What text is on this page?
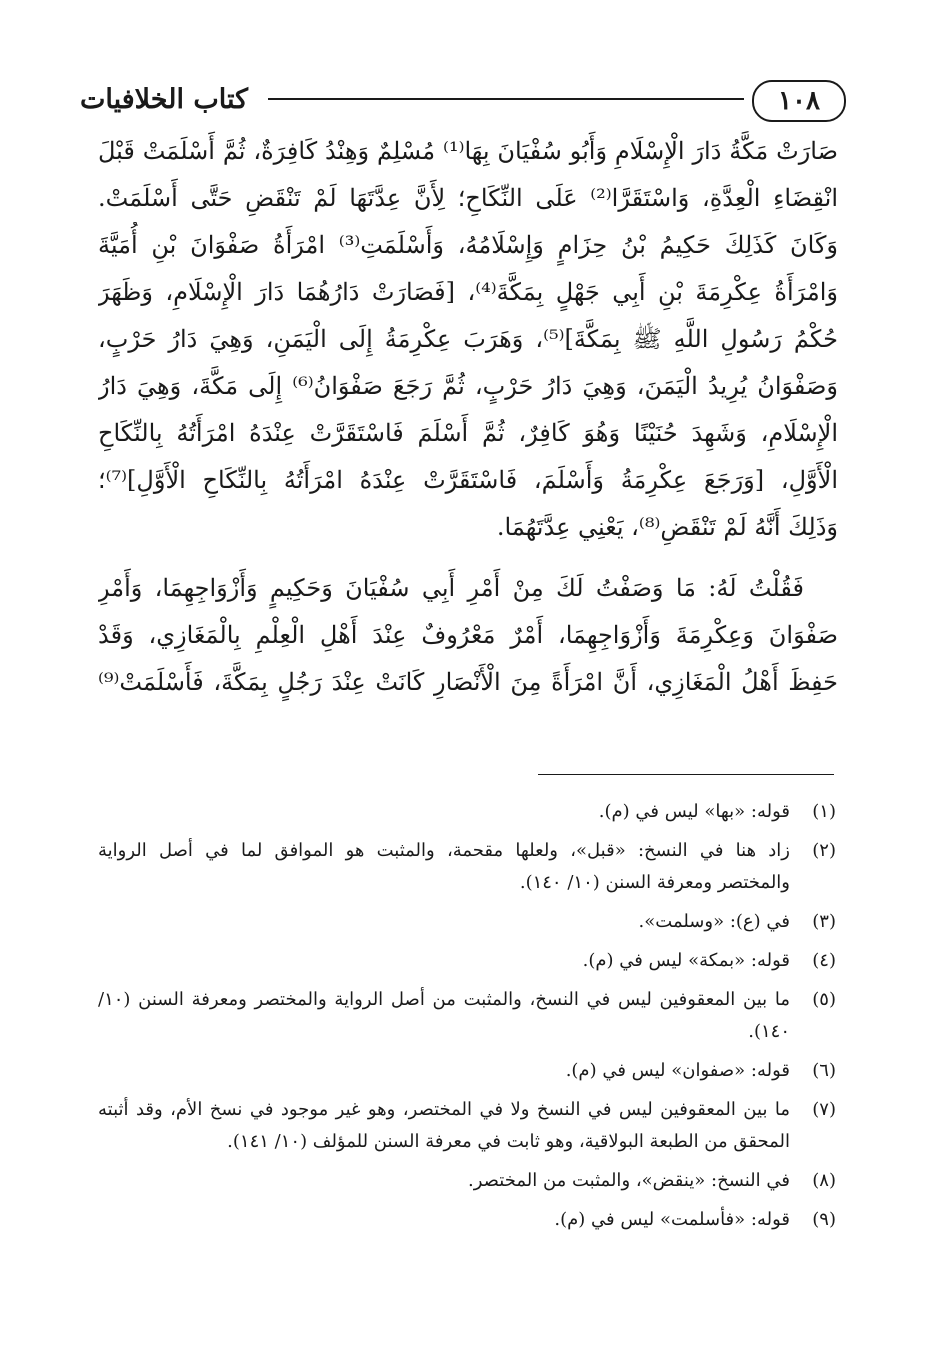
١٠٨
كتاب الخلافيات
صَارَتْ مَكَّةُ دَارَ الْإِسْلَامِ وَأَبُو سُفْيَانَ بِهَا⁽¹⁾ مُسْلِمٌ وَهِنْدُ كَافِرَةٌ، ثُمَّ أَسْلَمَتْ قَبْلَ
انْقِضَاءِ الْعِدَّةِ، وَاسْتَقَرَّا⁽²⁾ عَلَى النِّكَاحِ؛ لِأَنَّ عِدَّتَهَا لَمْ تَنْقَضِ حَتَّى أَسْلَمَتْ.
وَكَانَ كَذَلِكَ حَكِيمُ بْنُ حِزَامٍ وَإِسْلَامُهُ، وَأَسْلَمَتِ⁽³⁾ امْرَأَةُ صَفْوَانَ بْنِ أُمَيَّةَ
وَامْرَأَةُ عِكْرِمَةَ بْنِ أَبِي جَهْلٍ بِمَكَّةَ⁽⁴⁾، [فَصَارَتْ دَارُهُمَا دَارَ الْإِسْلَامِ، وَظَهَرَ
حُكْمُ رَسُولِ اللَّهِ ﷺ بِمَكَّةَ]⁽⁵⁾، وَهَرَبَ عِكْرِمَةُ إِلَى الْيَمَنِ، وَهِيَ دَارُ حَرْبٍ،
وَصَفْوَانُ يُرِيدُ الْيَمَنَ، وَهِيَ دَارُ حَرْبٍ، ثُمَّ رَجَعَ صَفْوَانُ⁽⁶⁾ إِلَى مَكَّةَ، وَهِيَ دَارُ
الْإِسْلَامِ، وَشَهِدَ حُنَيْنًا وَهُوَ كَافِرٌ، ثُمَّ أَسْلَمَ فَاسْتَقَرَّتْ عِنْدَهُ امْرَأَتُهُ بِالنِّكَاحِ
الْأَوَّلِ، [وَرَجَعَ عِكْرِمَةُ وَأَسْلَمَ، فَاسْتَقَرَّتْ عِنْدَهُ امْرَأَتُهُ بِالنِّكَاحِ الْأَوَّلِ]⁽⁷⁾؛
وَذَلِكَ أَنَّهُ لَمْ تَنْقَضِ⁽⁸⁾، يَعْنِي عِدَّتَهُمَا.
فَقُلْتُ لَهُ: مَا وَصَفْتُ لَكَ مِنْ أَمْرِ أَبِي سُفْيَانَ وَحَكِيمٍ وَأَزْوَاجِهِمَا، وَأَمْرِ
صَفْوَانَ وَعِكْرِمَةَ وَأَزْوَاجِهِمَا، أَمْرٌ مَعْرُوفٌ عِنْدَ أَهْلِ الْعِلْمِ بِالْمَغَازِي، وَقَدْ
حَفِظَ أَهْلُ الْمَغَازِي، أَنَّ امْرَأَةً مِنَ الْأَنْصَارِ كَانَتْ عِنْدَ رَجُلٍ بِمَكَّةَ، فَأَسْلَمَتْ⁽⁹⁾
(١)
قوله: «بها» ليس في (م).
(٢)
زاد هنا في النسخ: «قبل»، ولعلها مقحمة، والمثبت هو الموافق لما في أصل الرواية
والمختصر ومعرفة السنن (١٠/ ١٤٠).
(٣)
في (ع): «وسلمت».
(٤)
قوله: «بمكة» ليس في (م).
(٥)
ما بين المعقوفين ليس في النسخ، والمثبت من أصل الرواية والمختصر ومعرفة السنن (١٠/
١٤٠).
(٦)
قوله: «صفوان» ليس في (م).
(٧)
ما بين المعقوفين ليس في النسخ ولا في المختصر، وهو غير موجود في نسخ الأم، وقد أثبته
المحقق من الطبعة البولاقية، وهو ثابت في معرفة السنن للمؤلف (١٠/ ١٤١).
(٨)
في النسخ: «ينقض»، والمثبت من المختصر.
(٩)
قوله: «فأسلمت» ليس في (م).
